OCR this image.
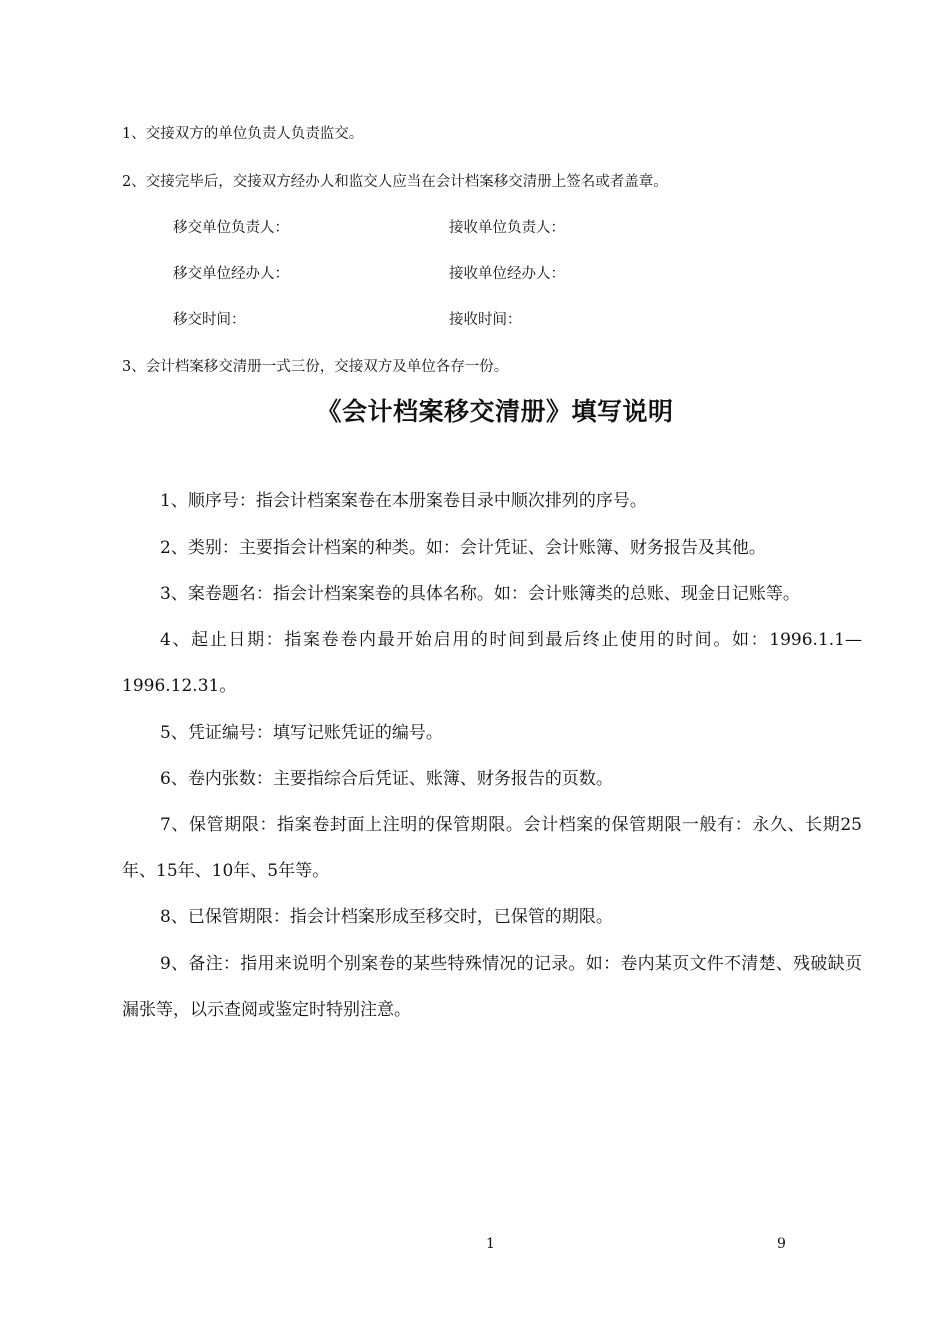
1、交接双方的单位负责人负责监交。
2、交接完毕后，交接双方经办人和监交人应当在会计档案移交清册上签名或者盖章。
移交单位负责人：	接收单位负责人：
移交单位经办人：	接收单位经办人：
移交时间：	接收时间：
3、会计档案移交清册一式三份，交接双方及单位各存一份。
《会计档案移交清册》填写说明
1、顺序号：指会计档案案卷在本册案卷目录中顺次排列的序号。
2、类别：主要指会计档案的种类。如：会计凭证、会计账簿、财务报告及其他。
3、案卷题名：指会计档案案卷的具体名称。如：会计账簿类的总账、现金日记账等。
4、起止日期：指案卷卷内最开始启用的时间到最后终止使用的时间。如：1996.1.1—1996.12.31。
5、凭证编号：填写记账凭证的编号。
6、卷内张数：主要指综合后凭证、账簿、财务报告的页数。
7、保管期限：指案卷封面上注明的保管期限。会计档案的保管期限一般有：永久、长期25年、15年、10年、5年等。
8、已保管期限：指会计档案形成至移交时，已保管的期限。
9、备注：指用来说明个别案卷的某些特殊情况的记录。如：卷内某页文件不清楚、残破缺页漏张等，以示查阅或鉴定时特别注意。
1	9
